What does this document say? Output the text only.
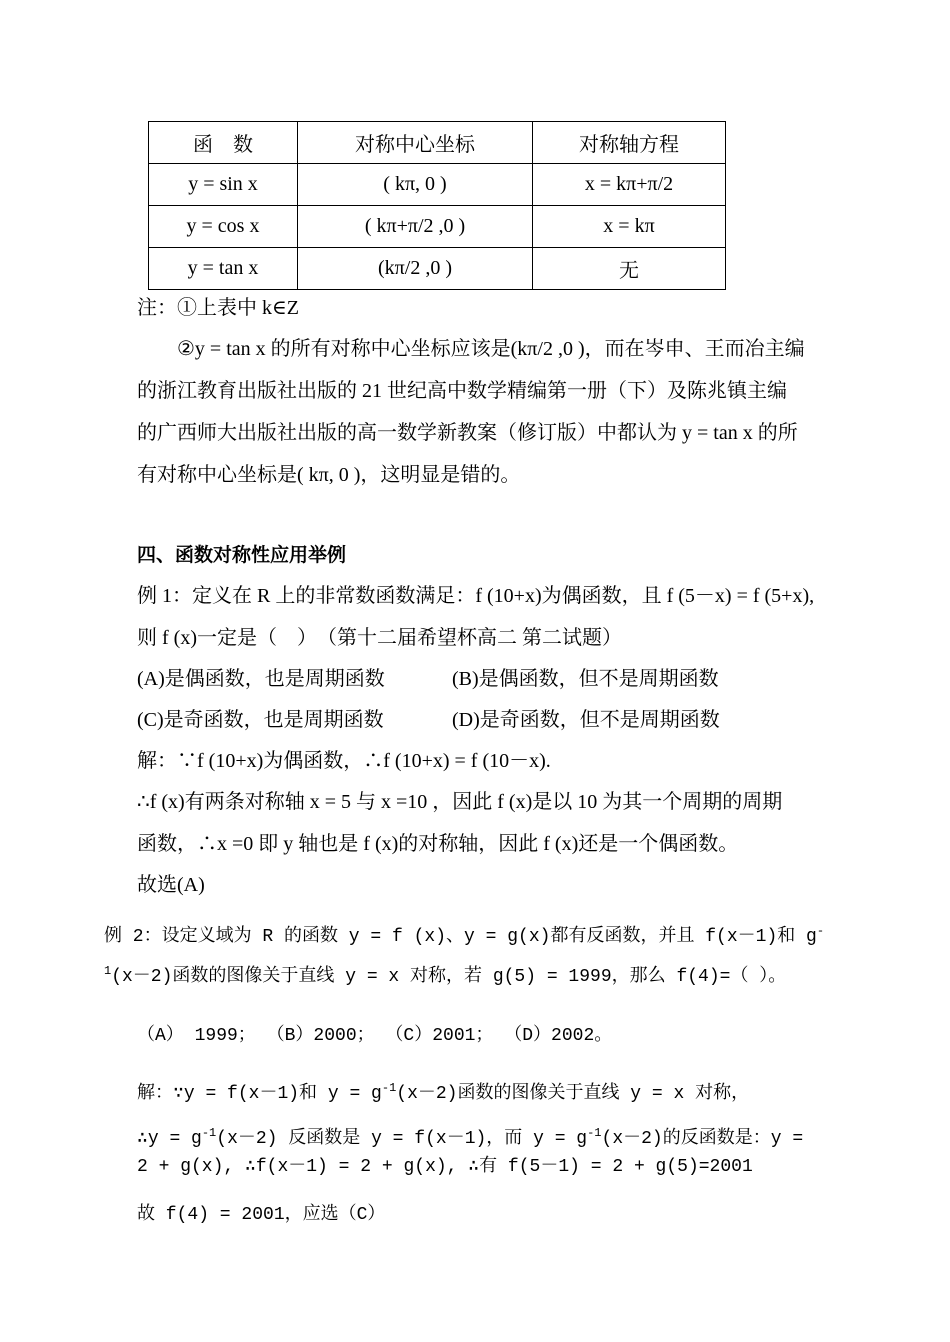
函　数	对称中心坐标	对称轴方程
y = sin x	( kπ, 0 )	x = kπ+π/2
y = cos x	( kπ+π/2 ,0 )	x = kπ
y = tan x	(kπ/2 ,0 )	无
注：①上表中 k∈Z
②y = tan x 的所有对称中心坐标应该是(kπ/2 ,0 )，而在岑申、王而冶主编
的浙江教育出版社出版的 21 世纪高中数学精编第一册（下）及陈兆镇主编
的广西师大出版社出版的高一数学新教案（修订版）中都认为 y = tan x 的所
有对称中心坐标是( kπ, 0 )，这明显是错的。
四、函数对称性应用举例
例 1：定义在 R 上的非常数函数满足：f (10+x)为偶函数，且 f (5－x) = f (5+x),
则 f (x)一定是（　）　（第十二届希望杯高二 第二试题）
(A)是偶函数，也是周期函数	(B)是偶函数，但不是周期函数
(C)是奇函数，也是周期函数	(D)是奇函数，但不是周期函数
解：∵f (10+x)为偶函数，∴f (10+x) = f (10－x).
∴f (x)有两条对称轴 x = 5 与 x =10 ，因此 f (x)是以 10 为其一个周期的周期
函数，∴x =0 即 y 轴也是 f (x)的对称轴，因此 f (x)还是一个偶函数。
故选(A)
例 2：设定义域为 R 的函数 y = f (x)、y = g(x)都有反函数，并且 f(x－1)和 g-
$^1$(x－2)函数的图像关于直线 y = x 对称，若 g(5) = 1999，那么 f(4)=（ ）。
（A） 1999； （B）2000； （C）2001； （D）2002。
解：∵y = f(x－1)和 $y = g^{-1}(x-2)$函数的图像关于直线 y = x 对称，
∴y = $g^{-1}(x-2)$ 反函数是 y = f(x－1)，而 $y = g^{-1}(x-2)$的反函数是：y =
2 + g(x), ∴f(x－1) = 2 + g(x), ∴有 f(5－1) = 2 + g(5)=2001
故 f(4) = 2001，应选（C）
